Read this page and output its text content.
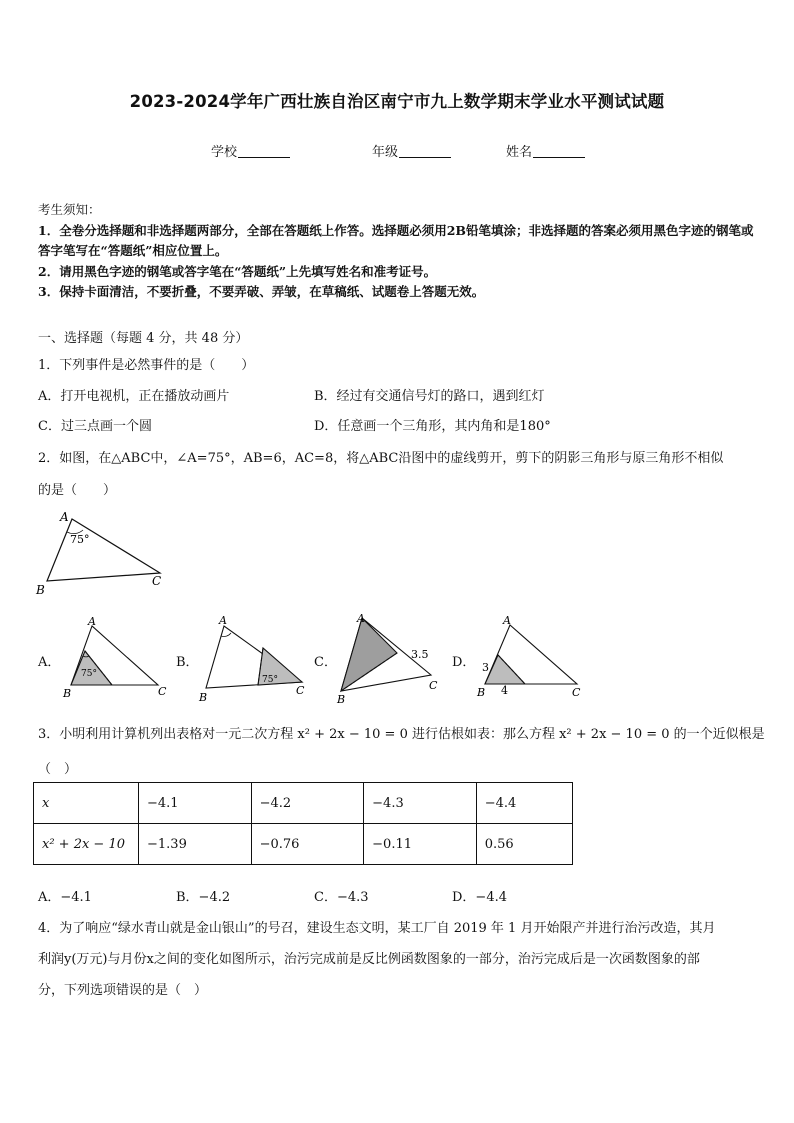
2023-2024学年广西壮族自治区南宁市九上数学期末学业水平测试试题
学校	年级	姓名
考生须知：
1．全卷分选择题和非选择题两部分，全部在答题纸上作答。选择题必须用2B铅笔填涂；非选择题的答案必须用黑色字迹的钢笔或答字笔写在“答题纸”相应位置上。
2．请用黑色字迹的钢笔或答字笔在“答题纸”上先填写姓名和准考证号。
3．保持卡面清洁，不要折叠，不要弄破、弄皱，在草稿纸、试题卷上答题无效。
一、选择题（每题 4 分，共 48 分）
1．下列事件是必然事件的是（　　）
A．打开电视机，正在播放动画片	B．经过有交通信号灯的路口，遇到红灯
C．过三点画一个圆	D．任意画一个三角形，其内角和是180°
2．如图，在△ABC中，∠A=75°，AB=6，AC=8，将△ABC沿图中的虚线剪开，剪下的阴影三角形与原三角形不相似
的是（　　）
A
75°
B
C
A．
A
75°
B	C
B．
A
75°
B
C
C．
A
3.5
B
C
D．
A
3
4
B	C
3．小明利用计算机列出表格对一元二次方程 x² + 2x − 10 = 0 进行估根如表：那么方程 x² + 2x − 10 = 0 的一个近似根是
（　）
x	−4.1	−4.2	−4.3	−4.4
x² + 2x − 10	−1.39	−0.76	−0.11	0.56
A．−4.1	B．−4.2	C．−4.3	D．−4.4
4．为了响应“绿水青山就是金山银山”的号召，建设生态文明，某工厂自 2019 年 1 月开始限产并进行治污改造，其月
利润y(万元)与月份x之间的变化如图所示，治污完成前是反比例函数图象的一部分，治污完成后是一次函数图象的部
分，下列选项错误的是（　）
